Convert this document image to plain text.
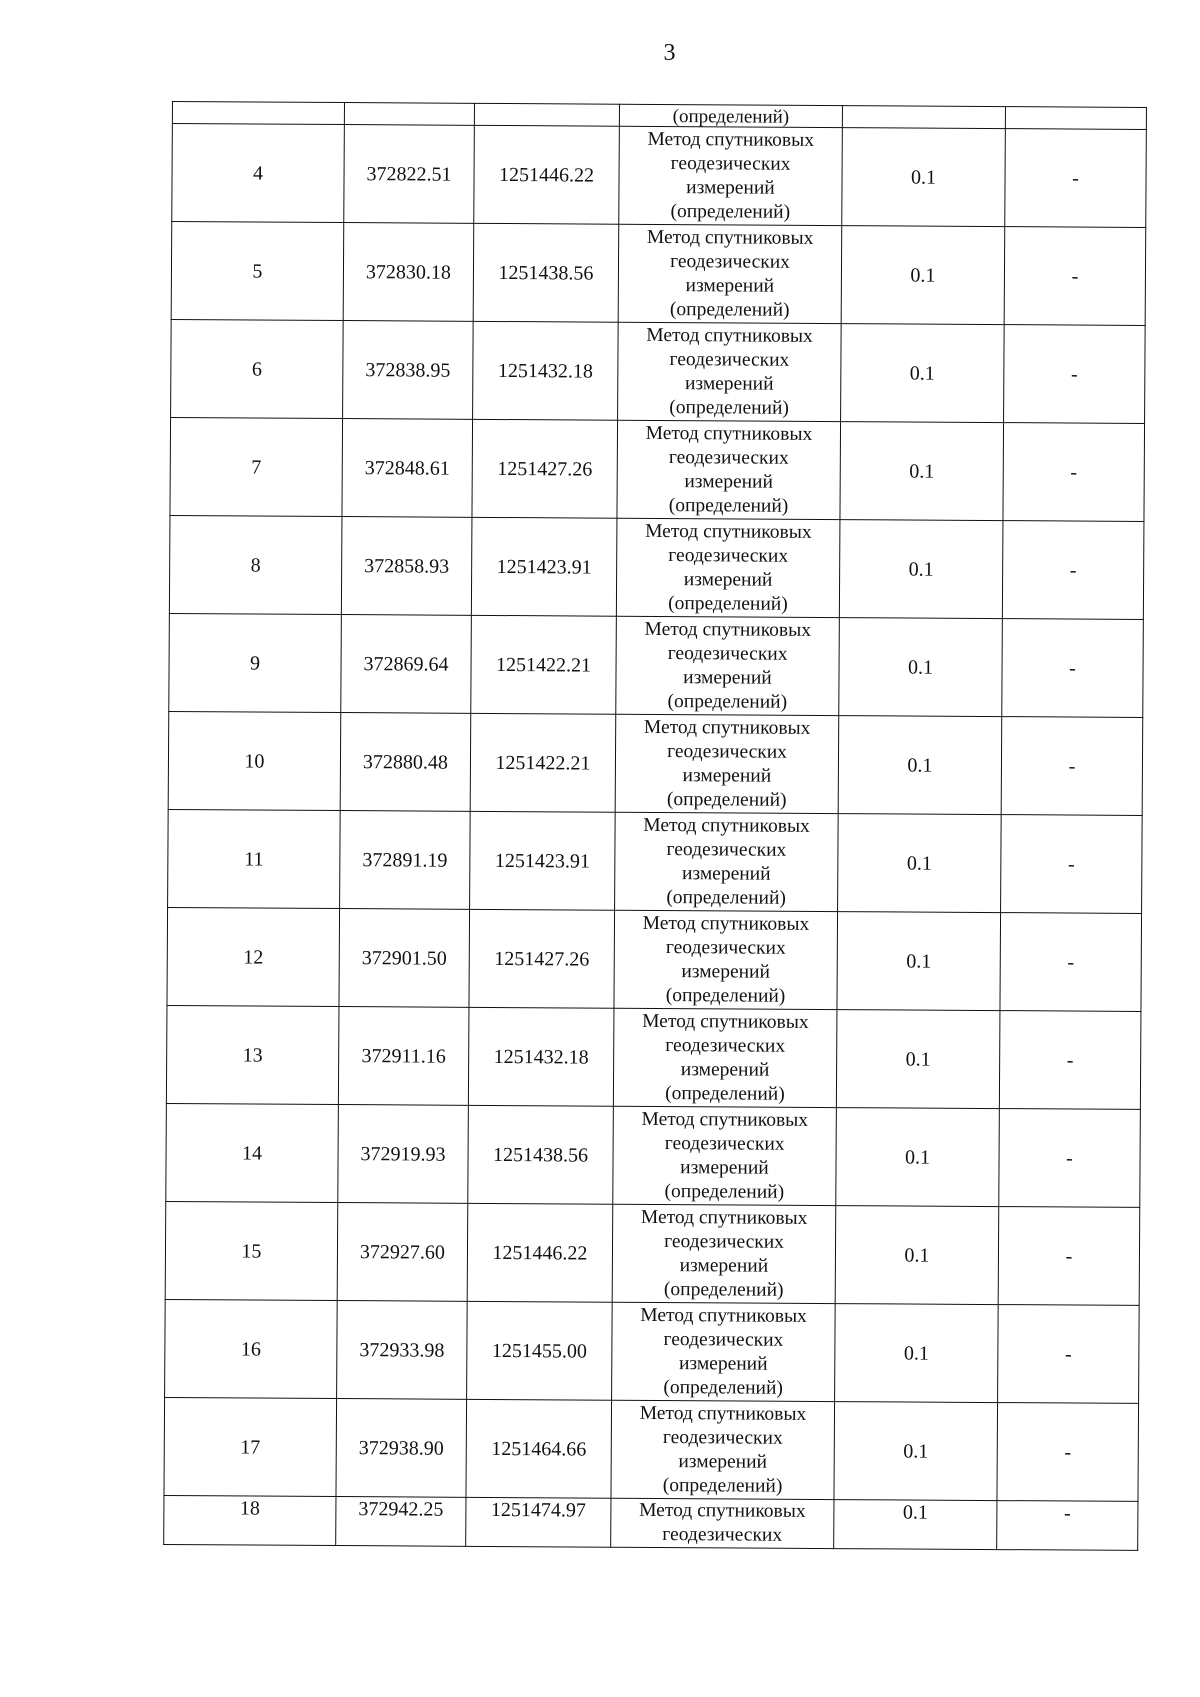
3
			(определений)		
4	372822.51	1251446.22	Метод спутниковых
геодезических
измерений
(определений)	0.1	-
5	372830.18	1251438.56	Метод спутниковых
геодезических
измерений
(определений)	0.1	-
6	372838.95	1251432.18	Метод спутниковых
геодезических
измерений
(определений)	0.1	-
7	372848.61	1251427.26	Метод спутниковых
геодезических
измерений
(определений)	0.1	-
8	372858.93	1251423.91	Метод спутниковых
геодезических
измерений
(определений)	0.1	-
9	372869.64	1251422.21	Метод спутниковых
геодезических
измерений
(определений)	0.1	-
10	372880.48	1251422.21	Метод спутниковых
геодезических
измерений
(определений)	0.1	-
11	372891.19	1251423.91	Метод спутниковых
геодезических
измерений
(определений)	0.1	-
12	372901.50	1251427.26	Метод спутниковых
геодезических
измерений
(определений)	0.1	-
13	372911.16	1251432.18	Метод спутниковых
геодезических
измерений
(определений)	0.1	-
14	372919.93	1251438.56	Метод спутниковых
геодезических
измерений
(определений)	0.1	-
15	372927.60	1251446.22	Метод спутниковых
геодезических
измерений
(определений)	0.1	-
16	372933.98	1251455.00	Метод спутниковых
геодезических
измерений
(определений)	0.1	-
17	372938.90	1251464.66	Метод спутниковых
геодезических
измерений
(определений)	0.1	-
18	372942.25	1251474.97	Метод спутниковых
геодезических	0.1	-
